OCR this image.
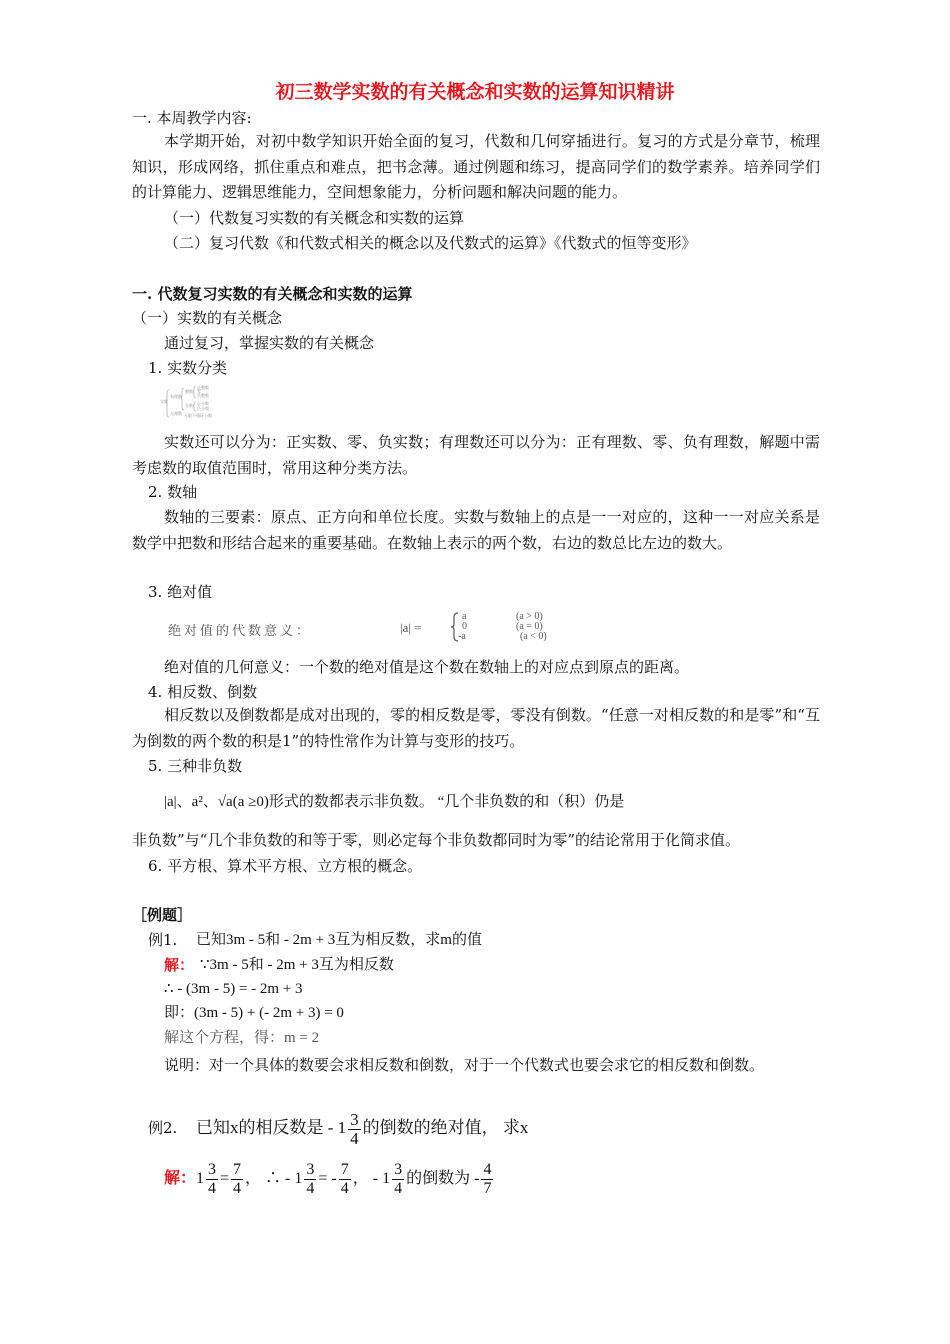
初三数学实数的有关概念和实数的运算知识精讲
一. 本周教学内容:
本学期开始，对初中数学知识开始全面的复习，代数和几何穿插进行。复习的方式是分章节，梳理知识，形成网络，抓住重点和难点，把书念薄。通过例题和练习，提高同学们的数学素养。培养同学们的计算能力、逻辑思维能力，空间想象能力，分析问题和解决问题的能力。
（一）代数复习实数的有关概念和实数的运算
（二）复习代数《和代数式相关的概念以及代数式的运算》《代数式的恒等变形》
一. 代数复习实数的有关概念和实数的运算
（一）实数的有关概念
通过复习，掌握实数的有关概念
1. 实数分类
实数
有理数
无理数
整数
分数
正整数
零
负整数
正分数
负分数
无限不循环小数
实数还可以分为：正实数、零、负实数；有理数还可以分为：正有理数、零、负有理数，解题中需考虑数的取值范围时，常用这种分类方法。
2. 数轴
数轴的三要素：原点、正方向和单位长度。实数与数轴上的点是一一对应的，这种一一对应关系是数学中把数和形结合起来的重要基础。在数轴上表示的两个数，右边的数总比左边的数大。
3. 绝对值
绝对值的代数意义：	|a| =
a
0
-a
(a > 0)
(a = 0)
(a < 0)
绝对值的几何意义：一个数的绝对值是这个数在数轴上的对应点到原点的距离。
4. 相反数、倒数
相反数以及倒数都是成对出现的，零的相反数是零，零没有倒数。“任意一对相反数的和是零”和“互为倒数的两个数的积是1”的特性常作为计算与变形的技巧。
5. 三种非负数
|a|、a²、√a(a ≥0)形式的数都表示非负数。 “几个非负数的和（积）仍是
非负数”与“几个非负数的和等于零，则必定每个非负数都同时为零”的结论常用于化简求值。
6. 平方根、算术平方根、立方根的概念。
［例题］
例1. 已知3m - 5和 - 2m + 3互为相反数，求m的值
解： ∵3m - 5和 - 2m + 3互为相反数
∴ - (3m - 5) = - 2m + 3
即：(3m - 5) + (- 2m + 3) = 0
解这个方程，得：m = 2
说明：对一个具体的数要会求相反数和倒数，对于一个代数式也要会求它的相反数和倒数。
例2. 已知x的相反数是 - $1 \frac{3}{4}$ 的倒数的绝对值， 求x
解：$1 \frac{3}{4} = \frac{7}{4}$ ， ∴ - $1 \frac{3}{4}$ = - $\frac{7}{4}$ ， - $1 \frac{3}{4}$ 的倒数为 - $\frac{4}{7}$
